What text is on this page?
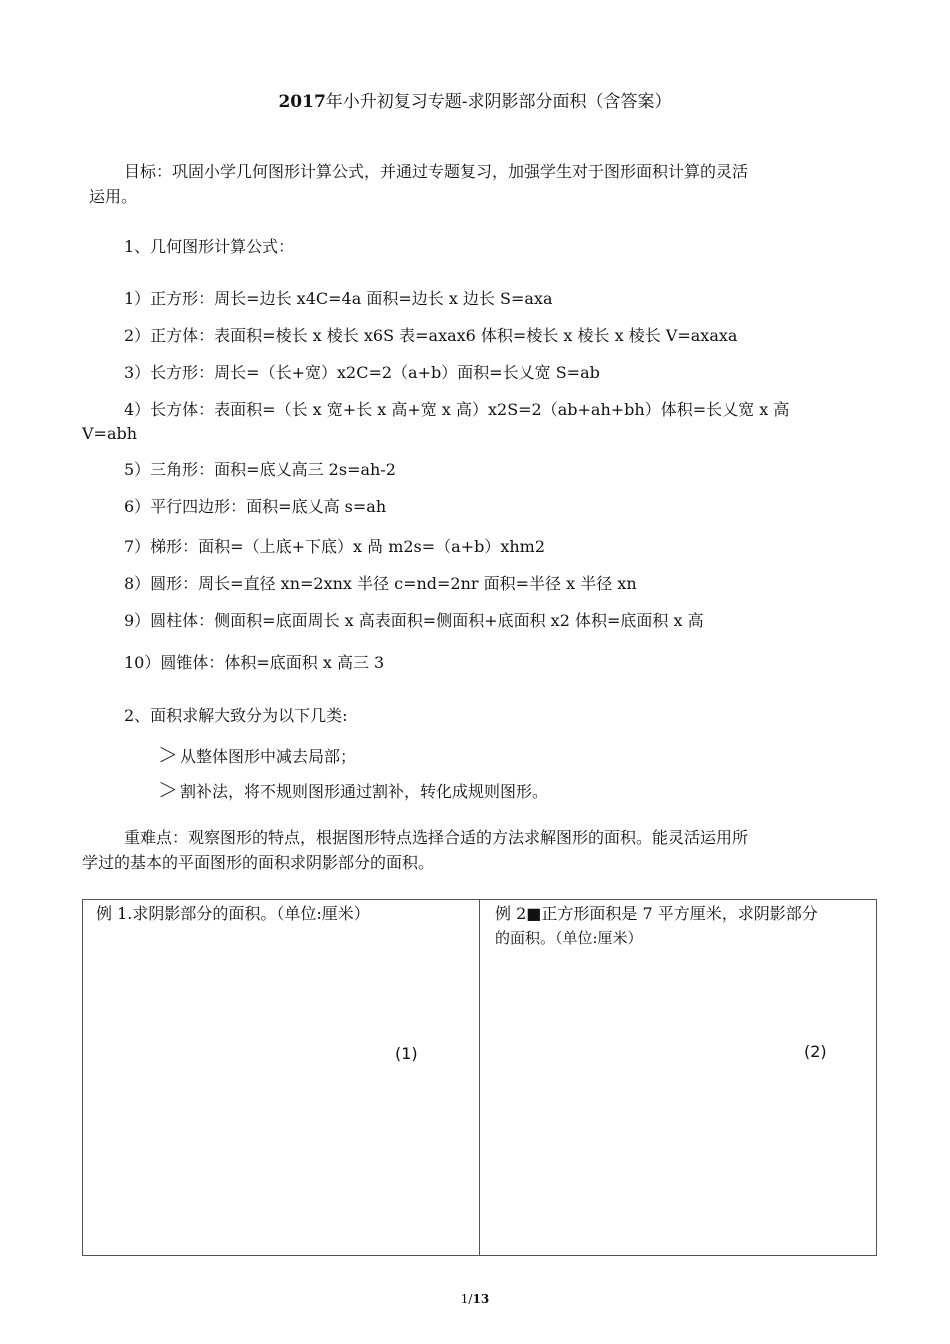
2017年小升初复习专题-求阴影部分面积（含答案）
目标：巩固小学几何图形计算公式，并通过专题复习，加强学生对于图形面积计算的灵活
运用。
1、几何图形计算公式：
1）正方形：周长=边长 x4C=4a 面积=边长 x 边长 S=axa
2）正方体：表面积=棱长 x 棱长 x6S 表=axax6 体积=棱长 x 棱长 x 棱长 V=axaxa
3）长方形：周长=（长+宽）x2C=2（a+b）面积=长乂宽 S=ab
4）长方体：表面积=（长 x 宽+长 x 高+宽 x 高）x2S=2（ab+ah+bh）体积=长乂宽 x 高
V=abh
5）三角形：面积=底乂高三 2s=ah-2
6）平行四边形：面积=底乂高 s=ah
7）梯形：面积=（上底+下底）x 咼 m2s=（a+b）xhm2
8）圆形：周长=直径 xn=2xnx 半径 c=nd=2nr 面积=半径 x 半径 xn
9）圆柱体：侧面积=底面周长 x 高表面积=侧面积+底面积 x2 体积=底面积 x 高
10）圆锥体：体积=底面积 x 高三 3
2、面积求解大致分为以下几类:
＞ 从整体图形中减去局部；
＞ 割补法，将不规则图形通过割补，转化成规则图形。
重难点：观察图形的特点，根据图形特点选择合适的方法求解图形的面积。能灵活运用所
学过的基本的平面图形的面积求阴影部分的面积。
例 1.求阴影部分的面积。（单位:厘米）
(1)
例 2■正方形面积是 7 平方厘米，求阴影部分
的面积。（单位:厘米）
(2)
1/13
